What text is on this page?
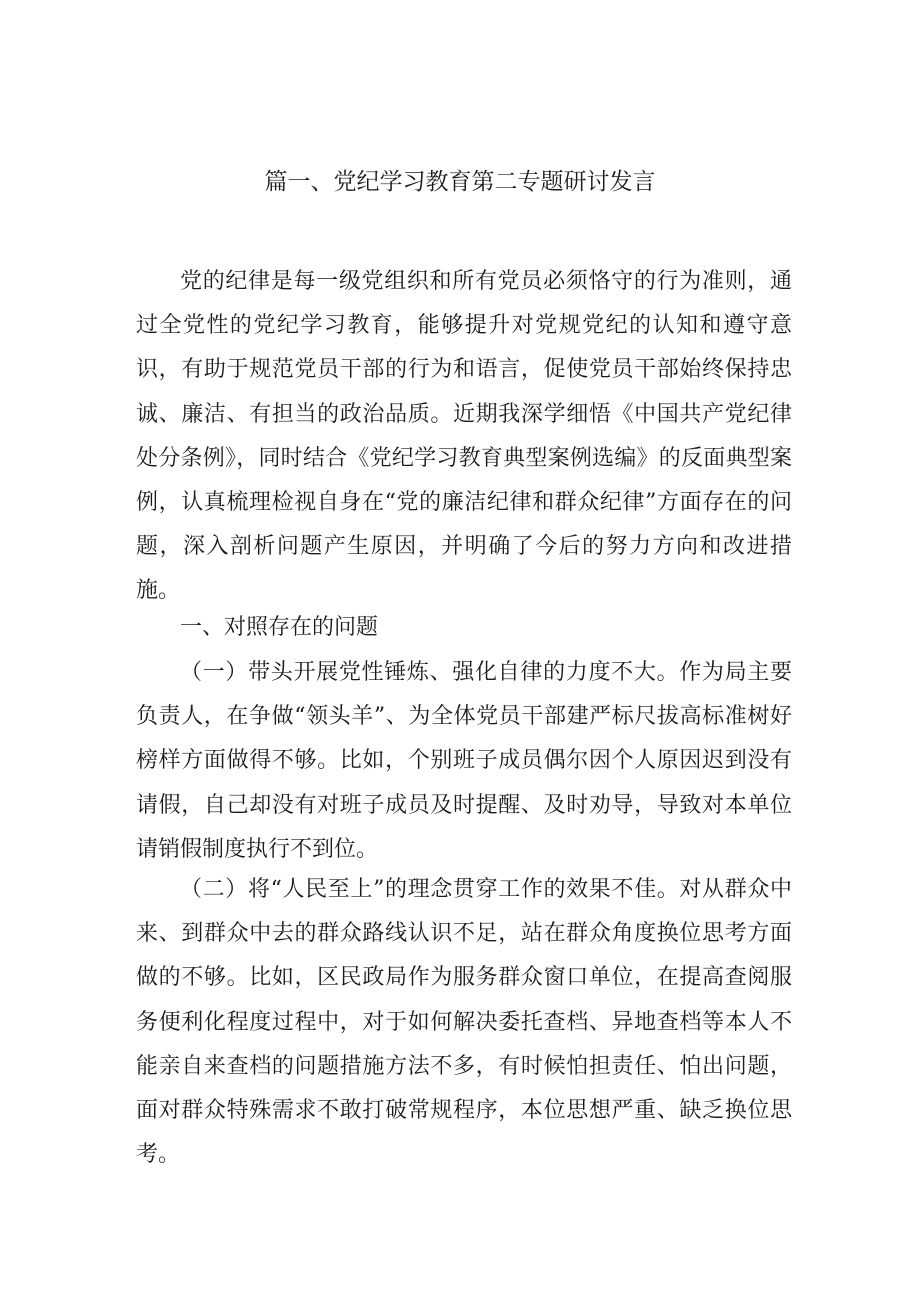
篇一、党纪学习教育第二专题研讨发言

党的纪律是每一级党组织和所有党员必须恪守的行为准则，通过全党性的党纪学习教育，能够提升对党规党纪的认知和遵守意识，有助于规范党员干部的行为和语言，促使党员干部始终保持忠诚、廉洁、有担当的政治品质。近期我深学细悟《中国共产党纪律处分条例》，同时结合《党纪学习教育典型案例选编》的反面典型案例，认真梳理检视自身在“党的廉洁纪律和群众纪律”方面存在的问题，深入剖析问题产生原因，并明确了今后的努力方向和改进措施。

一、对照存在的问题

（一）带头开展党性锤炼、强化自律的力度不大。作为局主要负责人，在争做“领头羊”、为全体党员干部建严标尺拔高标准树好榜样方面做得不够。比如，个别班子成员偶尔因个人原因迟到没有请假，自己却没有对班子成员及时提醒、及时劝导，导致对本单位请销假制度执行不到位。

（二）将“人民至上”的理念贯穿工作的效果不佳。对从群众中来、到群众中去的群众路线认识不足，站在群众角度换位思考方面做的不够。比如，区民政局作为服务群众窗口单位，在提高查阅服务便利化程度过程中，对于如何解决委托查档、异地查档等本人不能亲自来查档的问题措施方法不多，有时候怕担责任、怕出问题，面对群众特殊需求不敢打破常规程序，本位思想严重、缺乏换位思考。
